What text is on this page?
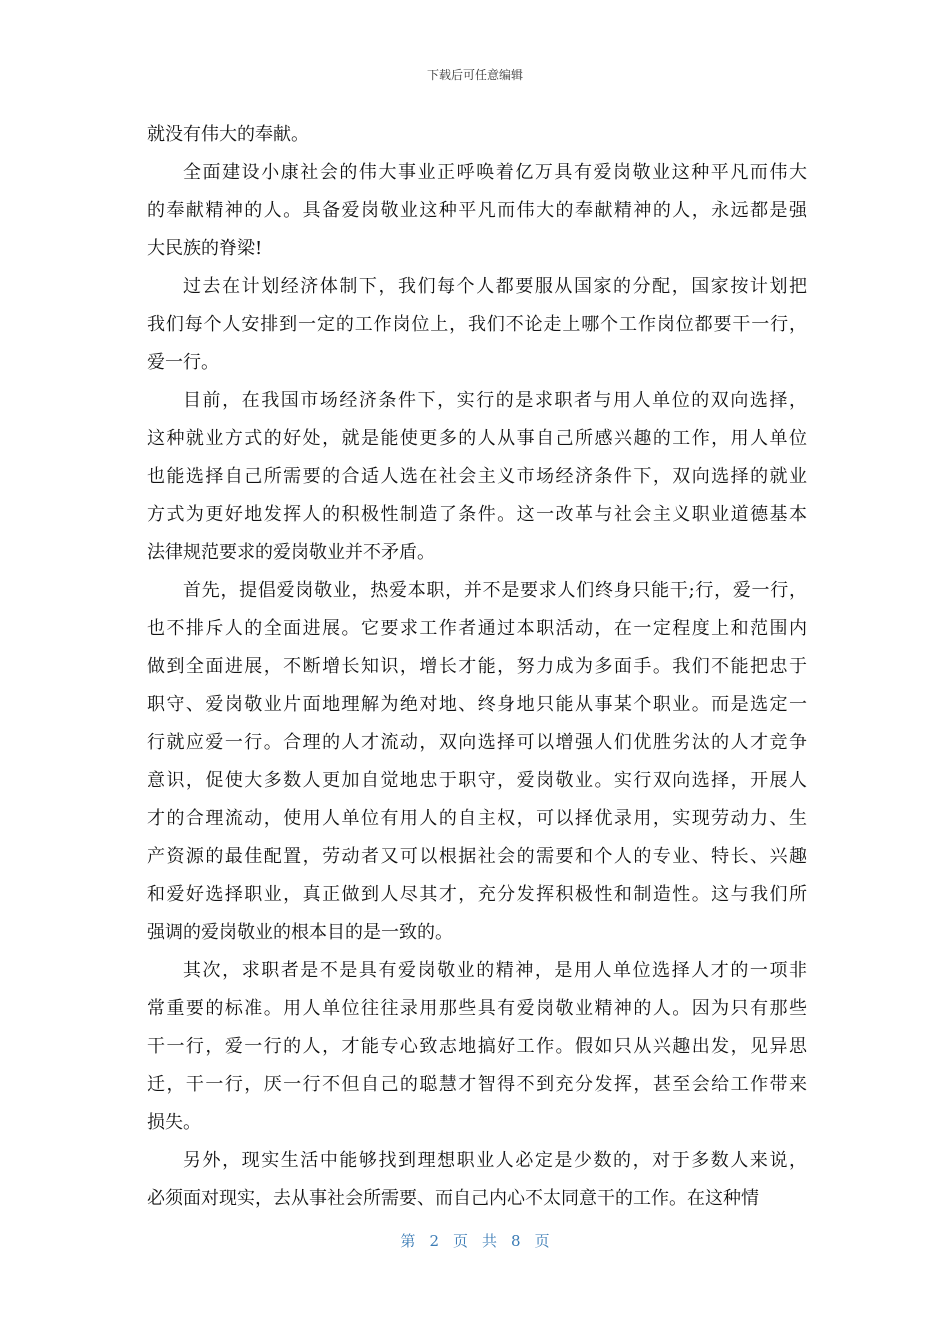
下载后可任意编辑
就没有伟大的奉献。
全面建设小康社会的伟大事业正呼唤着亿万具有爱岗敬业这种平凡而伟大
的奉献精神的人。具备爱岗敬业这种平凡而伟大的奉献精神的人，永远都是强
大民族的脊梁!
过去在计划经济体制下，我们每个人都要服从国家的分配，国家按计划把
我们每个人安排到一定的工作岗位上，我们不论走上哪个工作岗位都要干一行，
爱一行。
目前，在我国市场经济条件下，实行的是求职者与用人单位的双向选择，
这种就业方式的好处，就是能使更多的人从事自己所感兴趣的工作，用人单位
也能选择自己所需要的合适人选在社会主义市场经济条件下，双向选择的就业
方式为更好地发挥人的积极性制造了条件。这一改革与社会主义职业道德基本
法律规范要求的爱岗敬业并不矛盾。
首先，提倡爱岗敬业，热爱本职，并不是要求人们终身只能干;行，爱一行，
也不排斥人的全面进展。它要求工作者通过本职活动，在一定程度上和范围内
做到全面进展，不断增长知识，增长才能，努力成为多面手。我们不能把忠于
职守、爱岗敬业片面地理解为绝对地、终身地只能从事某个职业。而是选定一
行就应爱一行。合理的人才流动，双向选择可以增强人们优胜劣汰的人才竞争
意识，促使大多数人更加自觉地忠于职守，爱岗敬业。实行双向选择，开展人
才的合理流动，使用人单位有用人的自主权，可以择优录用，实现劳动力、生
产资源的最佳配置，劳动者又可以根据社会的需要和个人的专业、特长、兴趣
和爱好选择职业，真正做到人尽其才，充分发挥积极性和制造性。这与我们所
强调的爱岗敬业的根本目的是一致的。
其次，求职者是不是具有爱岗敬业的精神，是用人单位选择人才的一项非
常重要的标准。用人单位往往录用那些具有爱岗敬业精神的人。因为只有那些
干一行，爱一行的人，才能专心致志地搞好工作。假如只从兴趣出发，见异思
迁，干一行，厌一行不但自己的聪慧才智得不到充分发挥，甚至会给工作带来
损失。
另外，现实生活中能够找到理想职业人必定是少数的，对于多数人来说，
必须面对现实，去从事社会所需要、而自己内心不太同意干的工作。在这种情
第 2 页 共 8 页
